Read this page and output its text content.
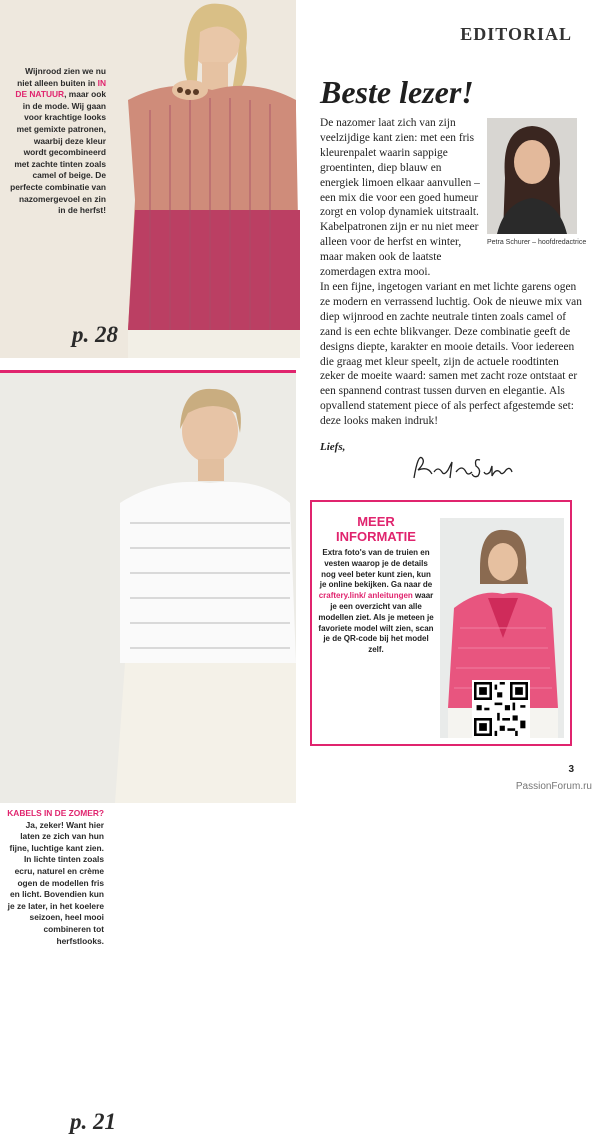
Wijnrood zien we nu niet alleen buiten in IN DE NATUUR, maar ook in de mode. Wij gaan voor krachtige looks met gemixte patronen, waarbij deze kleur wordt gecombineerd met zachte tinten zoals camel of beige. De perfecte combinatie van nazomergevoel en zin in de herfst!
p. 28
KABELS IN DE ZOMER? Ja, zeker! Want hier laten ze zich van hun fijne, luchtige kant zien. In lichte tinten zoals ecru, naturel en crème ogen de modellen fris en licht. Bovendien kun je ze later, in het koelere seizoen, heel mooi combineren tot herfstlooks.
p. 21
EDITORIAL
Beste lezer!
De nazomer laat zich van zijn veelzijdige kant zien: met een fris kleurenpalet waarin sappige groentinten, diep blauw en energiek limoen elkaar aanvullen – een mix die voor een goed humeur zorgt en volop dynamiek uitstraalt. Kabelpatronen zijn er nu niet meer alleen voor de herfst en winter, maar maken ook de laatste zomerdagen extra mooi.
Petra Schurer – hoofdredactrice
In een fijne, ingetogen variant en met lichte garens ogen ze modern en verrassend luchtig. Ook de nieuwe mix van diep wijnrood en zachte neutrale tinten zoals camel of zand is een echte blikvanger. Deze combinatie geeft de designs diepte, karakter en mooie details. Voor iedereen die graag met kleur speelt, zijn de actuele roodtinten zeker de moeite waard: samen met zacht roze ontstaat er een spannend contrast tussen durven en elegantie. Als opvallend statement piece of als perfect afgestemde set: deze looks maken indruk!
Liefs,
MEER INFORMATIE
Extra foto's van de truien en vesten waarop je de details nog veel beter kunt zien, kun je online bekijken. Ga naar de craftery.link/ anleitungen waar je een overzicht van alle modellen ziet. Als je meteen je favoriete model wilt zien, scan je de QR-code bij het model zelf.
3
PassionForum.ru
